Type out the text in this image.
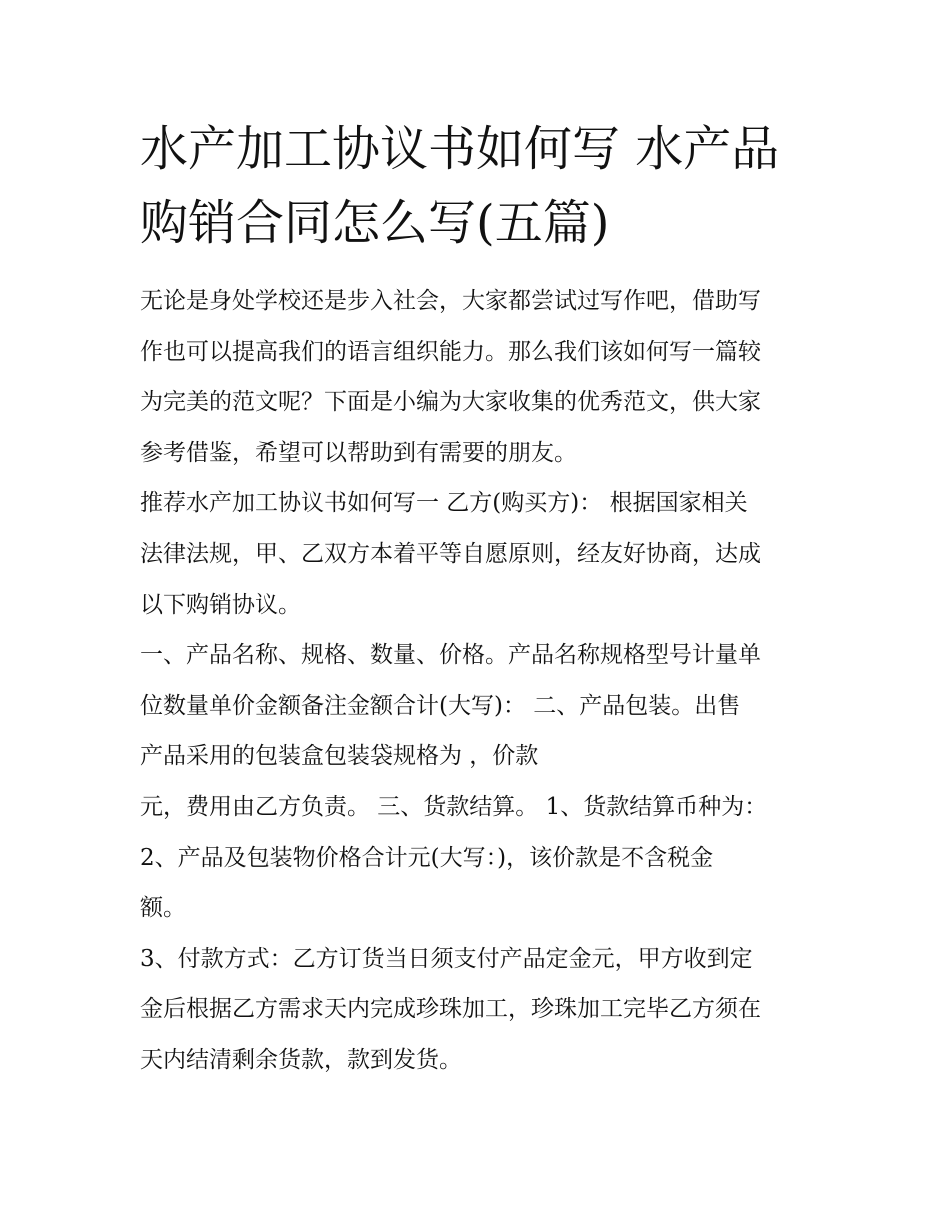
水产加工协议书如何写 水产品
购销合同怎么写(五篇)
无论是身处学校还是步入社会，大家都尝试过写作吧，借助写
作也可以提高我们的语言组织能力。那么我们该如何写一篇较
为完美的范文呢？下面是小编为大家收集的优秀范文，供大家
参考借鉴，希望可以帮助到有需要的朋友。
推荐水产加工协议书如何写一 乙方(购买方)： 根据国家相关
法律法规，甲、乙双方本着平等自愿原则，经友好协商，达成
以下购销协议。
一、产品名称、规格、数量、价格。产品名称规格型号计量单
位数量单价金额备注金额合计(大写)： 二、产品包装。出售
产品采用的包装盒包装袋规格为 ，价款
元，费用由乙方负责。 三、货款结算。 1、货款结算币种为：
2、产品及包装物价格合计元(大写：)，该价款是不含税金
额。
3、付款方式：乙方订货当日须支付产品定金元，甲方收到定
金后根据乙方需求天内完成珍珠加工，珍珠加工完毕乙方须在
天内结清剩余货款，款到发货。
